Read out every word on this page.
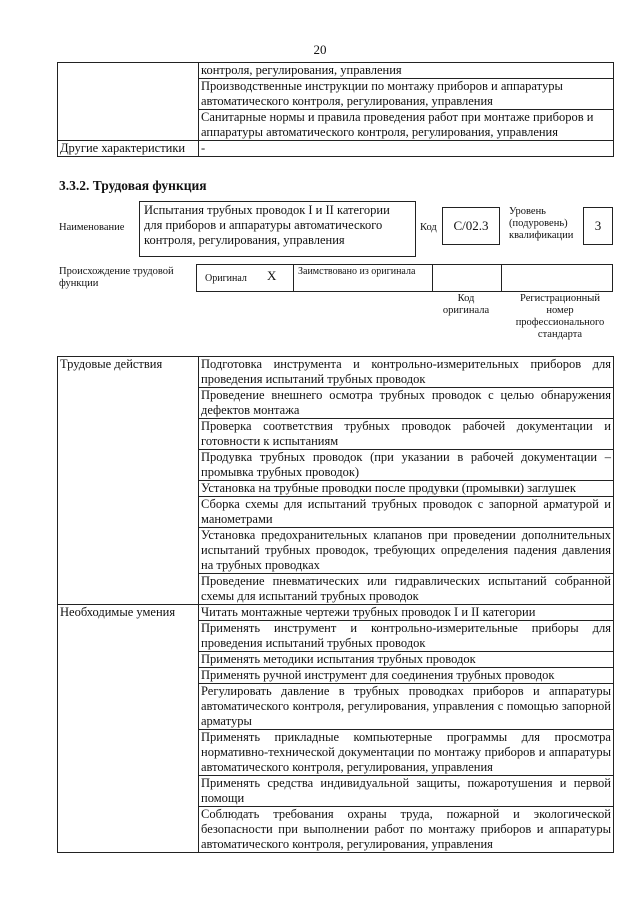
20
	контроля, регулирования, управления
	Производственные инструкции по монтажу приборов и аппаратуры автоматического контроля, регулирования, управления
	Санитарные нормы и правила проведения работ при монтаже приборов и аппаратуры автоматического контроля, регулирования, управления
Другие характеристики	-
3.3.2. Трудовая функция
Наименование
Испытания трубных проводок I и II категории для приборов и аппаратуры автоматического контроля, регулирования, управления
Код	С/02.3
Уровень (подуровень) квалификации
3
Происхождение трудовой функции	Оригинал X	Заимствовано из оригинала
Код оригинала
Регистрационный номер профессионального стандарта
Трудовые действия	Подготовка инструмента и контрольно-измерительных приборов для проведения испытаний трубных проводок
	Проведение внешнего осмотра трубных проводок с целью обнаружения дефектов монтажа
	Проверка соответствия трубных проводок рабочей документации и готовности к испытаниям
	Продувка трубных проводок (при указании в рабочей документации – промывка трубных проводок)
	Установка на трубные проводки после продувки (промывки) заглушек
	Сборка схемы для испытаний трубных проводок с запорной арматурой и манометрами
	Установка предохранительных клапанов при проведении дополнительных испытаний трубных проводок, требующих определения падения давления на трубных проводках
	Проведение пневматических или гидравлических испытаний собранной схемы для испытаний трубных проводок
Необходимые умения	Читать монтажные чертежи трубных проводок I и II категории
	Применять инструмент и контрольно-измерительные приборы для проведения испытаний трубных проводок
	Применять методики испытания трубных проводок
	Применять ручной инструмент для соединения трубных проводок
	Регулировать давление в трубных проводках приборов и аппаратуры автоматического контроля, регулирования, управления с помощью запорной арматуры
	Применять прикладные компьютерные программы для просмотра нормативно-технической документации по монтажу приборов и аппаратуры автоматического контроля, регулирования, управления
	Применять средства индивидуальной защиты, пожаротушения и первой помощи
	Соблюдать требования охраны труда, пожарной и экологической безопасности при выполнении работ по монтажу приборов и аппаратуры автоматического контроля, регулирования, управления
